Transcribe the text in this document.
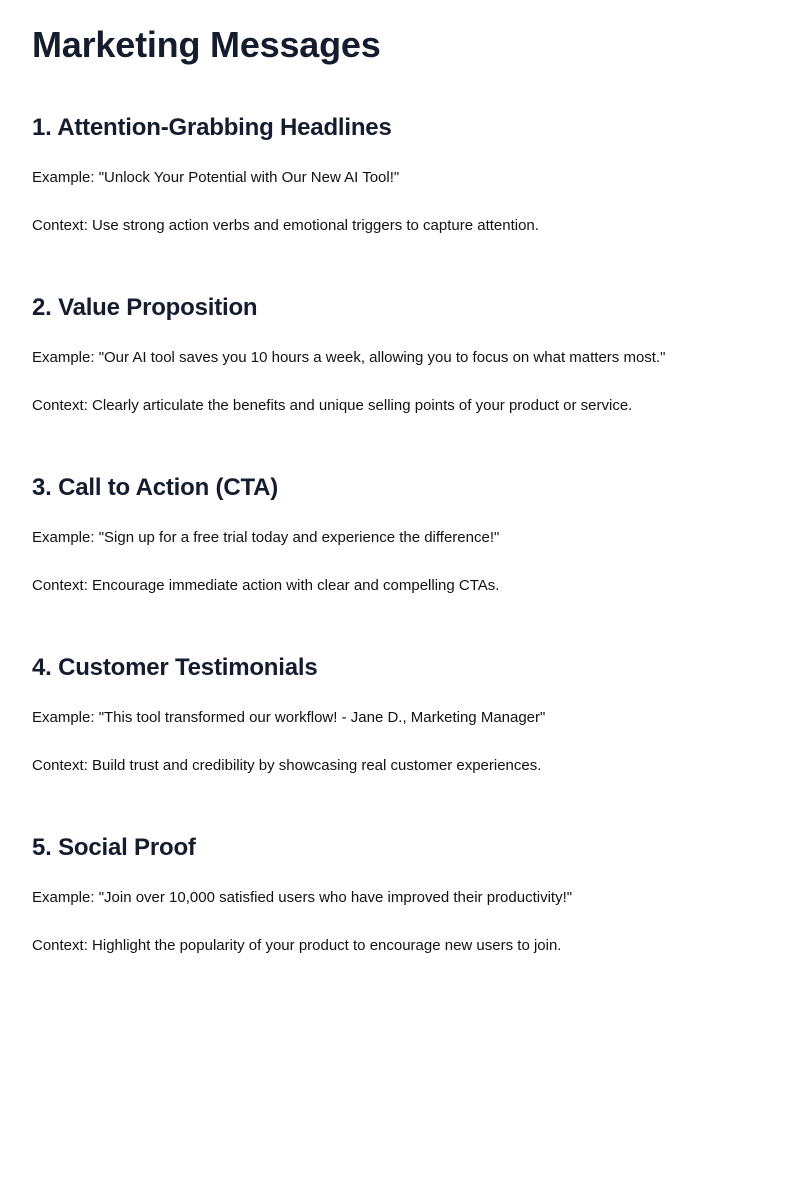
Marketing Messages
1. Attention-Grabbing Headlines

Example: "Unlock Your Potential with Our New AI Tool!"

Context: Use strong action verbs and emotional triggers to capture attention.

2. Value Proposition

Example: "Our AI tool saves you 10 hours a week, allowing you to focus on what matters most."

Context: Clearly articulate the benefits and unique selling points of your product or service.

3. Call to Action (CTA)

Example: "Sign up for a free trial today and experience the difference!"

Context: Encourage immediate action with clear and compelling CTAs.

4. Customer Testimonials

Example: "This tool transformed our workflow! - Jane D., Marketing Manager"

Context: Build trust and credibility by showcasing real customer experiences.

5. Social Proof

Example: "Join over 10,000 satisfied users who have improved their productivity!"

Context: Highlight the popularity of your product to encourage new users to join.
